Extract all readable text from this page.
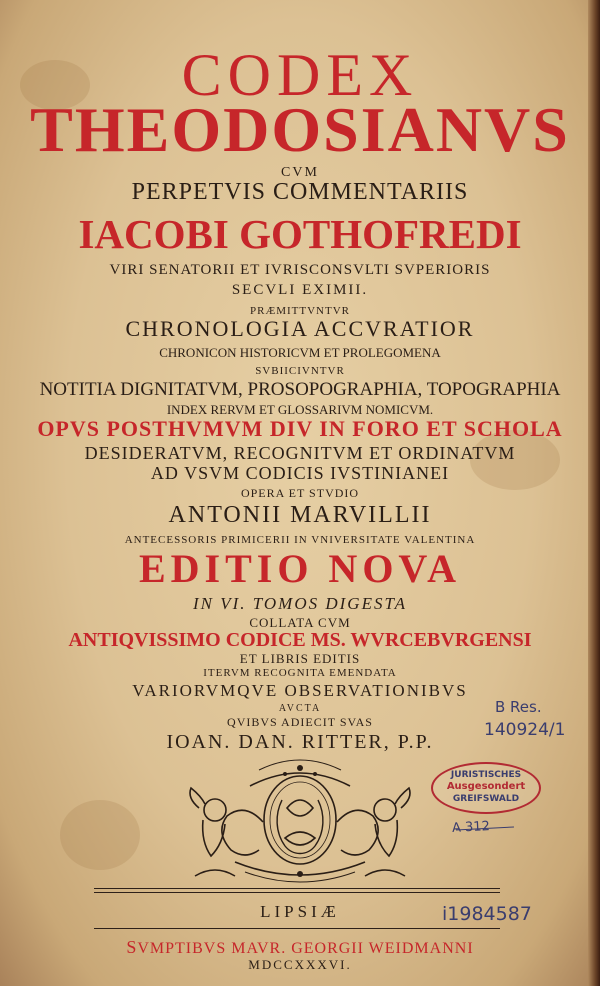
CODEX
THEODOSIANVS
CVM
PERPETVIS COMMENTARIIS
IACOBI GOTHOFREDI
VIRI SENATORII ET IVRISCONSVLTI SVPERIORIS
SECVLI EXIMII.
PRÆMITTVNTVR
CHRONOLOGIA ACCVRATIOR
CHRONICON HISTORICVM ET PROLEGOMENA
SVBIICIVNTVR
NOTITIA DIGNITATVM, PROSOPOGRAPHIA, TOPOGRAPHIA
INDEX RERVM ET GLOSSARIVM NOMICVM.
OPVS POSTHVMVM DIV IN FORO ET SCHOLA
DESIDERATVM, RECOGNITVM ET ORDINATVM
AD VSVM CODICIS IVSTINIANEI
OPERA ET STVDIO
ANTONII MARVILLII
ANTECESSORIS PRIMICERII IN VNIVERSITATE VALENTINA
EDITIO NOVA
IN VI. TOMOS DIGESTA
COLLATA CVM
ANTIQVISSIMO CODICE MS. WVRCEBVRGENSI
ET LIBRIS EDITIS
ITERVM RECOGNITA EMENDATA
VARIORVMQVE OBSERVATIONIBVS
AVCTA
QVIBVS ADIECIT SVAS
IOAN. DAN. RITTER, P.P.
LIPSIÆ
SVMPTIBVS MAVR. GEORGII WEIDMANNI
MDCCXXXVI.
B Res.
140924/1
JURISTISCHES
Ausgesondert
GREIFSWALD
A 312
i1984587
